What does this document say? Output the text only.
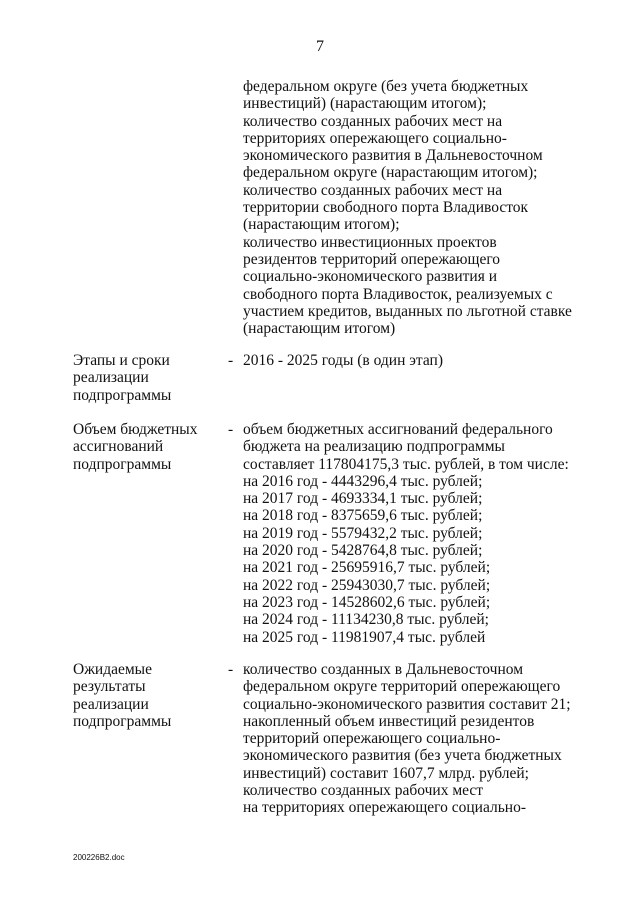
7
федеральном округе (без учета бюджетных
инвестиций) (нарастающим итогом);
количество созданных рабочих мест на
территориях опережающего социально-
экономического развития в Дальневосточном
федеральном округе (нарастающим итогом);
количество созданных рабочих мест на
территории свободного порта Владивосток
(нарастающим итогом);
количество инвестиционных проектов
резидентов территорий опережающего
социально-экономического развития и
свободного порта Владивосток, реализуемых с
участием кредитов, выданных по льготной ставке
(нарастающим итогом)
Этапы и сроки
реализации
подпрограммы
- 2016 - 2025 годы (в один этап)
Объем бюджетных
ассигнований
подпрограммы
- объем бюджетных ассигнований федерального
бюджета на реализацию подпрограммы
составляет 117804175,3 тыс. рублей, в том числе:
на 2016 год - 4443296,4 тыс. рублей;
на 2017 год - 4693334,1 тыс. рублей;
на 2018 год - 8375659,6 тыс. рублей;
на 2019 год - 5579432,2 тыс. рублей;
на 2020 год - 5428764,8 тыс. рублей;
на 2021 год - 25695916,7 тыс. рублей;
на 2022 год - 25943030,7 тыс. рублей;
на 2023 год - 14528602,6 тыс. рублей;
на 2024 год - 11134230,8 тыс. рублей;
на 2025 год - 11981907,4 тыс. рублей
Ожидаемые
результаты
реализации
подпрограммы
- количество созданных в Дальневосточном
федеральном округе территорий опережающего
социально-экономического развития составит 21;
накопленный объем инвестиций резидентов
территорий опережающего социально-
экономического развития (без учета бюджетных
инвестиций) составит 1607,7 млрд. рублей;
количество созданных рабочих мест
на территориях опережающего социально-
200226В2.doc
